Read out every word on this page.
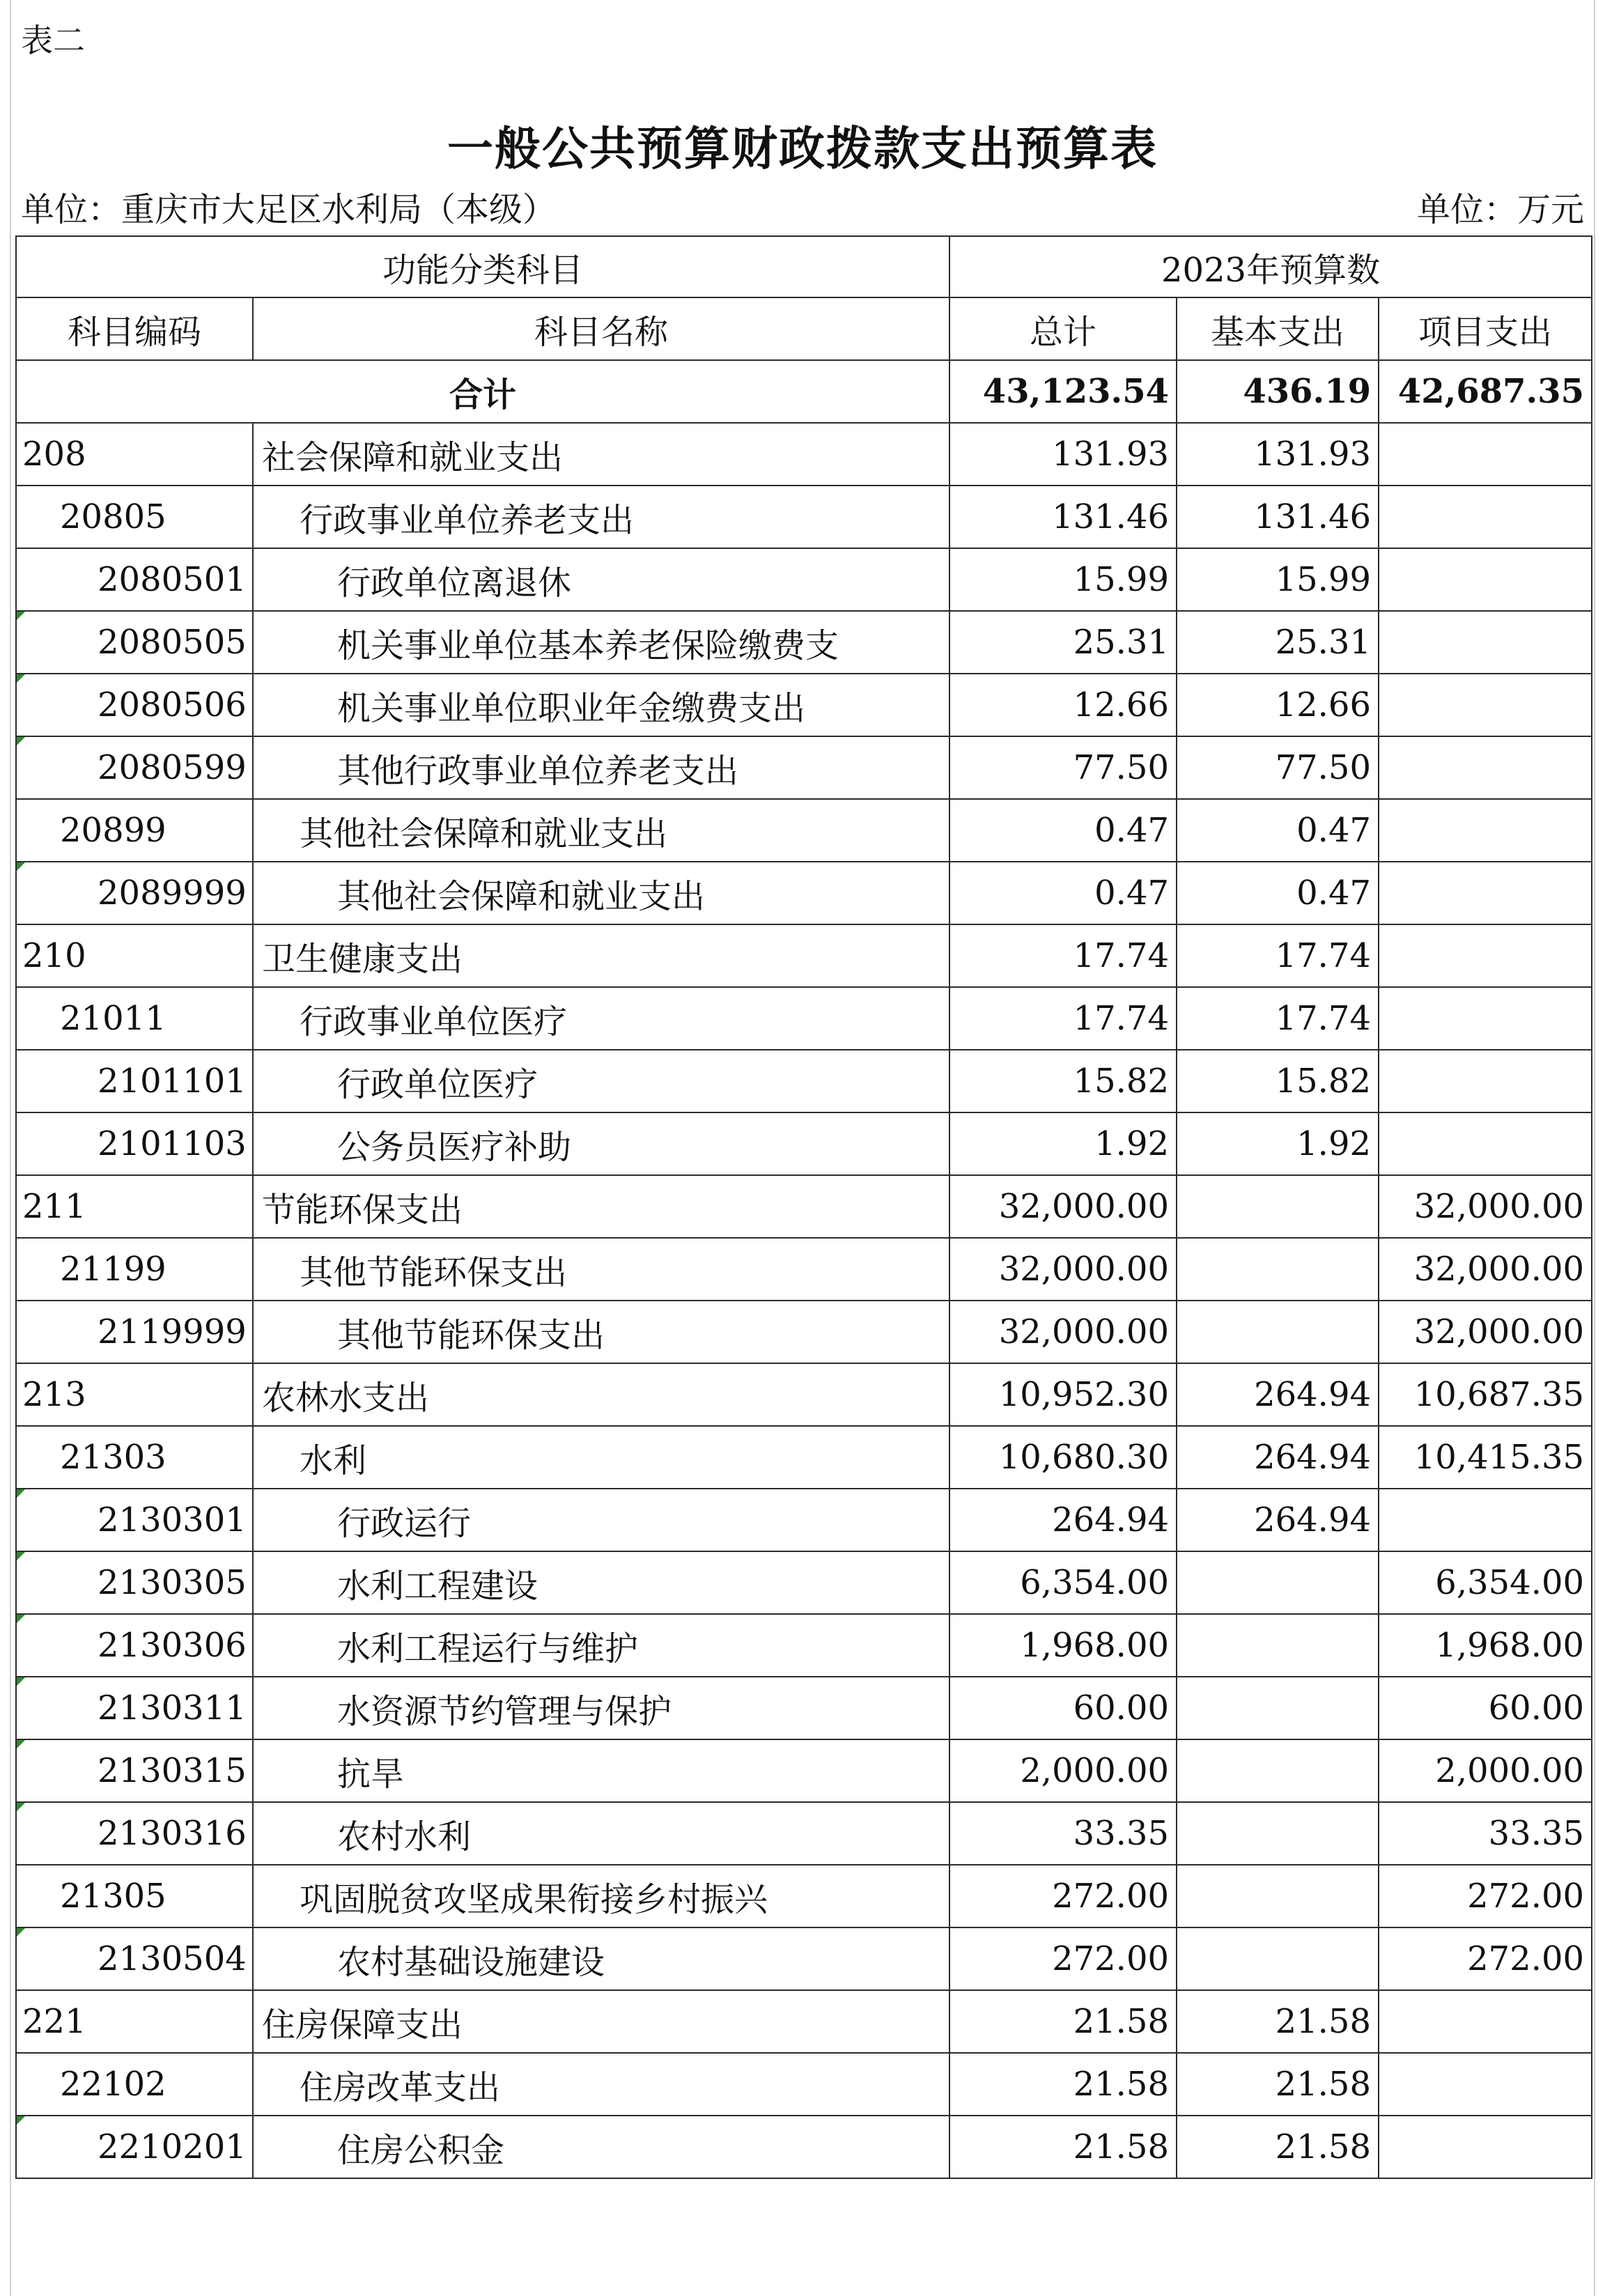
表二
一般公共预算财政拨款支出预算表
单位：重庆市大足区水利局（本级）	单位：万元
功能分类科目		2023年预算数		
科目编码	科目名称	总计	基本支出	项目支出
合计		43,123.54	436.19	42,687.35
208	社会保障和就业支出	131.93	131.93	
20805	行政事业单位养老支出	131.46	131.46	
2080501	行政单位离退休	15.99	15.99	
2080505	机关事业单位基本养老保险缴费支	25.31	25.31	
2080506	机关事业单位职业年金缴费支出	12.66	12.66	
2080599	其他行政事业单位养老支出	77.50	77.50	
20899	其他社会保障和就业支出	0.47	0.47	
2089999	其他社会保障和就业支出	0.47	0.47	
210	卫生健康支出	17.74	17.74	
21011	行政事业单位医疗	17.74	17.74	
2101101	行政单位医疗	15.82	15.82	
2101103	公务员医疗补助	1.92	1.92	
211	节能环保支出	32,000.00		32,000.00
21199	其他节能环保支出	32,000.00		32,000.00
2119999	其他节能环保支出	32,000.00		32,000.00
213	农林水支出	10,952.30	264.94	10,687.35
21303	水利	10,680.30	264.94	10,415.35
2130301	行政运行	264.94	264.94	
2130305	水利工程建设	6,354.00		6,354.00
2130306	水利工程运行与维护	1,968.00		1,968.00
2130311	水资源节约管理与保护	60.00		60.00
2130315	抗旱	2,000.00		2,000.00
2130316	农村水利	33.35		33.35
21305	巩固脱贫攻坚成果衔接乡村振兴	272.00		272.00
2130504	农村基础设施建设	272.00		272.00
221	住房保障支出	21.58	21.58	
22102	住房改革支出	21.58	21.58	
2210201	住房公积金	21.58	21.58	
